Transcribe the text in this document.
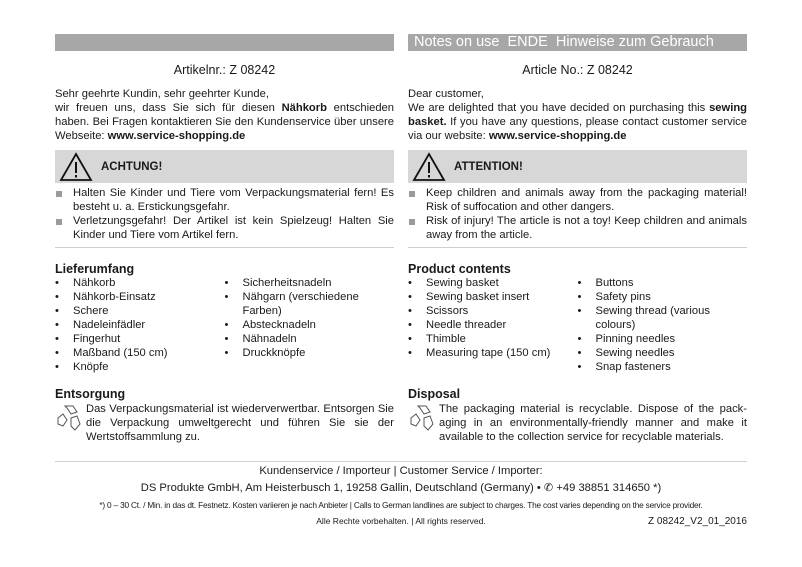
Artikelnr.: Z 08242

Sehr geehrte Kundin, sehr geehrter Kunde,

wir freuen uns, dass Sie sich für diesen Nähkorb entschieden haben. Bei Fragen kontaktieren Sie den Kundenservice über unsere Webseite: www.service-shopping.de

ACHTUNG!
Halten Sie Kinder und Tiere vom Verpackungsmaterial fern! Es besteht u. a. Erstickungsgefahr.
Verletzungsgefahr! Der Artikel ist kein Spielzeug! Halten Sie Kinder und Tiere vom Artikel fern.
Lieferumfang
• Nähkorb
• Nähkorb-Einsatz
• Schere
• Nadeleinfädler
• Fingerhut
• Maßband (150 cm)
• Knöpfe
• Sicherheitsnadeln
• Nähgarn (verschiedene Farben)
• Abstecknadeln
• Nähnadeln
• Druckknöpfe
Entsorgung

Das Verpackungsmaterial ist wiederverwertbar. Entsorgen Sie die Verpackung umweltgerecht und führen Sie sie der Wertstoffsammlung zu.

Notes on use  ENDE  Hinweise zum Gebrauch
Article No.: Z 08242

Dear customer,

We are delighted that you have decided on purchasing this sewing basket. If you have any questions, please contact customer service via our website: www.service-shopping.de

ATTENTION!
Keep children and animals away from the packaging material! Risk of suffocation and other dangers.
Risk of injury! The article is not a toy! Keep children and animals away from the article.
Product contents
• Sewing basket
• Sewing basket insert
• Scissors
• Needle threader
• Thimble
• Measuring tape (150 cm)
• Buttons
• Safety pins
• Sewing thread (various colours)
• Pinning needles
• Sewing needles
• Snap fasteners
Disposal

The packaging material is recyclable. Dispose of the packaging in an environmentally-friendly manner and make it available to the collection service for recyclable materials.

Kundenservice / Importeur | Customer Service / Importer:
DS Produkte GmbH, Am Heisterbusch 1, 19258 Gallin, Deutschland (Germany) • ✆ +49 38851 314650 *)
*) 0 – 30 Ct. / Min. in das dt. Festnetz. Kosten variieren je nach Anbieter | Calls to German landlines are subject to charges. The cost varies depending on the service provider.
Alle Rechte vorbehalten. | All rights reserved.	Z 08242_V2_01_2016
